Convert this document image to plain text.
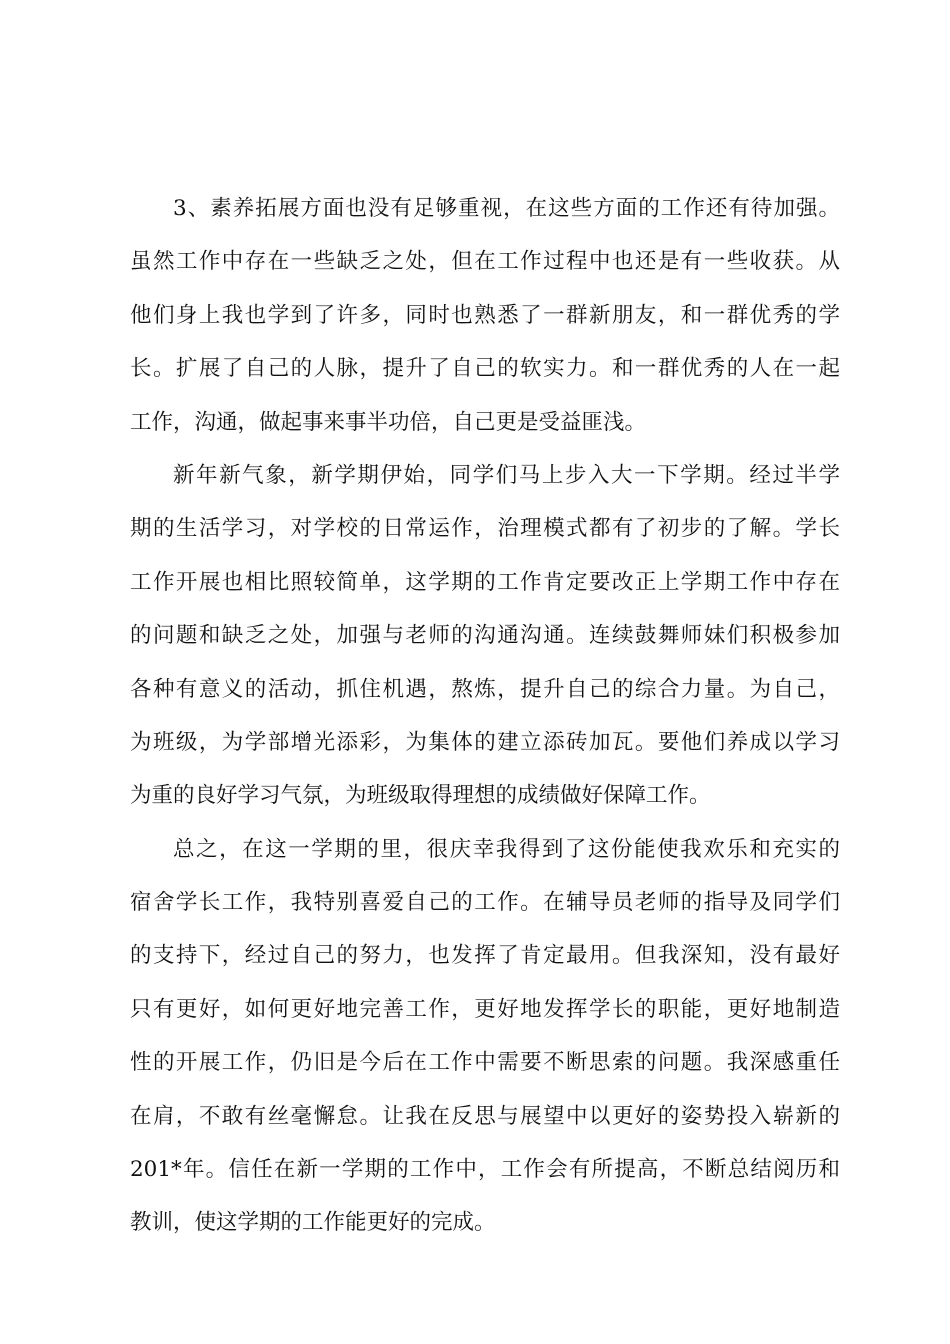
3、素养拓展方面也没有足够重视，在这些方面的工作还有待加强。
虽然工作中存在一些缺乏之处，但在工作过程中也还是有一些收获。从
他们身上我也学到了许多，同时也熟悉了一群新朋友，和一群优秀的学
长。扩展了自己的人脉，提升了自己的软实力。和一群优秀的人在一起
工作，沟通，做起事来事半功倍，自己更是受益匪浅。
新年新气象，新学期伊始，同学们马上步入大一下学期。经过半学
期的生活学习，对学校的日常运作，治理模式都有了初步的了解。学长
工作开展也相比照较简单，这学期的工作肯定要改正上学期工作中存在
的问题和缺乏之处，加强与老师的沟通沟通。连续鼓舞师妹们积极参加
各种有意义的活动，抓住机遇，熬炼，提升自己的综合力量。为自己，
为班级，为学部增光添彩，为集体的建立添砖加瓦。要他们养成以学习
为重的良好学习气氛，为班级取得理想的成绩做好保障工作。
总之，在这一学期的里，很庆幸我得到了这份能使我欢乐和充实的
宿舍学长工作，我特别喜爱自己的工作。在辅导员老师的指导及同学们
的支持下，经过自己的努力，也发挥了肯定最用。但我深知，没有最好
只有更好，如何更好地完善工作，更好地发挥学长的职能，更好地制造
性的开展工作，仍旧是今后在工作中需要不断思索的问题。我深感重任
在肩，不敢有丝毫懈怠。让我在反思与展望中以更好的姿势投入崭新的
201*年。信任在新一学期的工作中，工作会有所提高，不断总结阅历和
教训，使这学期的工作能更好的完成。
